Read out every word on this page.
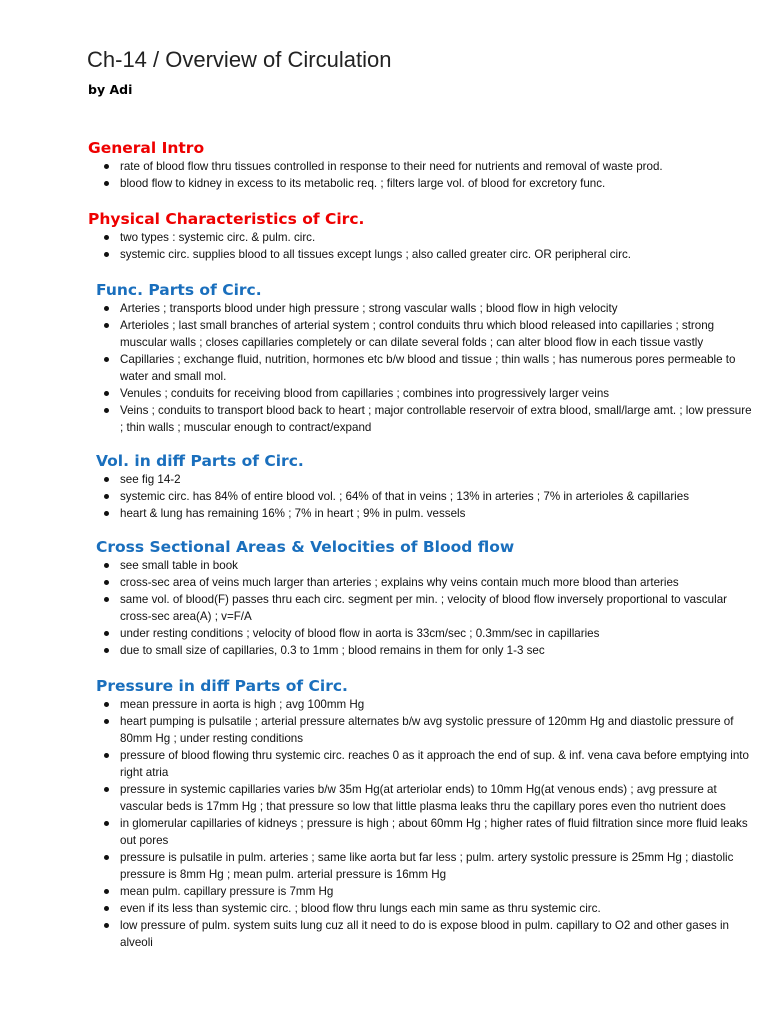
Ch-14 / Overview of Circulation

by Adi

General Intro
rate of blood flow thru tissues controlled in response to their need for nutrients and removal of waste prod.
blood flow to kidney in excess to its metabolic req. ; filters large vol. of blood for excretory func.
Physical Characteristics of Circ.
two types : systemic circ. & pulm. circ.
systemic circ. supplies blood to all tissues except lungs ; also called greater circ. OR peripheral circ.
Func. Parts of Circ.
Arteries ; transports blood under high pressure ; strong vascular walls ; blood flow in high velocity
Arterioles ; last small branches of arterial system ; control conduits thru which blood released into capillaries ; strong muscular walls ; closes capillaries completely or can dilate several folds ; can alter blood flow in each tissue vastly
Capillaries ; exchange fluid, nutrition, hormones etc b/w blood and tissue ; thin walls ; has numerous pores permeable to water and small mol.
Venules ; conduits for receiving blood from capillaries ; combines into progressively larger veins
Veins ; conduits to transport blood back to heart ; major controllable reservoir of extra blood, small/large amt. ; low pressure ; thin walls ; muscular enough to contract/expand
Vol. in diff Parts of Circ.
see fig 14-2
systemic circ. has 84% of entire blood vol. ; 64% of that in veins ; 13% in arteries ; 7% in arterioles & capillaries
heart & lung has remaining 16% ; 7% in heart ; 9% in pulm. vessels
Cross Sectional Areas & Velocities of Blood flow
see small table in book
cross-sec area of veins much larger than arteries ; explains why veins contain much more blood than arteries
same vol. of blood(F) passes thru each circ. segment per min. ; velocity of blood flow inversely proportional to vascular cross-sec area(A) ; v=F/A
under resting conditions ; velocity of blood flow in aorta is 33cm/sec ; 0.3mm/sec in capillaries
due to small size of capillaries, 0.3 to 1mm ; blood remains in them for only 1-3 sec
Pressure in diff Parts of Circ.
mean pressure in aorta is high ; avg 100mm Hg
heart pumping is pulsatile ; arterial pressure alternates b/w avg systolic pressure of 120mm Hg and diastolic pressure of 80mm Hg ; under resting conditions
pressure of blood flowing thru systemic circ. reaches 0 as it approach the end of sup. & inf. vena cava before emptying into right atria
pressure in systemic capillaries varies b/w 35m Hg(at arteriolar ends) to 10mm Hg(at venous ends) ; avg pressure at vascular beds is 17mm Hg ; that pressure so low that little plasma leaks thru the capillary pores even tho nutrient does
in glomerular capillaries of kidneys ; pressure is high ; about 60mm Hg ; higher rates of fluid filtration since more fluid leaks out pores
pressure is pulsatile in pulm. arteries ; same like aorta but far less ; pulm. artery systolic pressure is 25mm Hg ; diastolic pressure is 8mm Hg ; mean pulm. arterial pressure is 16mm Hg
mean pulm. capillary pressure is 7mm Hg
even if its less than systemic circ. ; blood flow thru lungs each min same as thru systemic circ.
low pressure of pulm. system suits lung cuz all it need to do is expose blood in pulm. capillary to O2 and other gases in alveoli
